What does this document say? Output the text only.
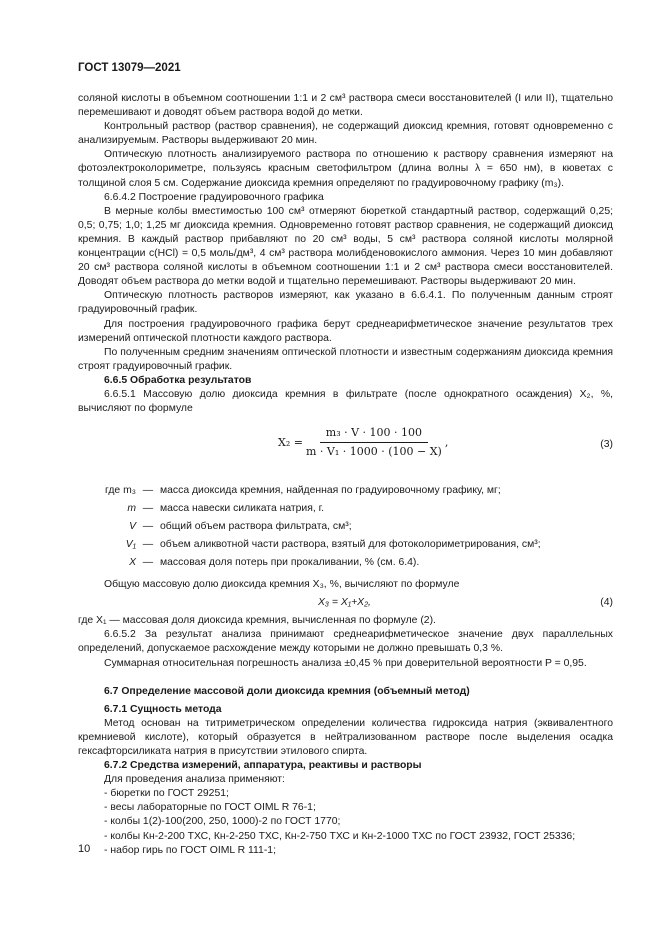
ГОСТ 13079—2021

соляной кислоты в объемном соотношении 1:1 и 2 см³ раствора смеси восстановителей (I или II), тщательно перемешивают и доводят объем раствора водой до метки.

Контрольный раствор (раствор сравнения), не содержащий диоксид кремния, готовят одновременно с анализируемым. Растворы выдерживают 20 мин.

Оптическую плотность анализируемого раствора по отношению к раствору сравнения измеряют на фотоэлектроколориметре, пользуясь красным светофильтром (длина волны λ = 650 нм), в кюветах с толщиной слоя 5 см. Содержание диоксида кремния определяют по градуировочному графику (m₃).

6.6.4.2 Построение градуировочного графика

В мерные колбы вместимостью 100 см³ отмеряют бюреткой стандартный раствор, содержащий 0,25; 0,5; 0,75; 1,0; 1,25 мг диоксида кремния. Одновременно готовят раствор сравнения, не содержащий диоксид кремния. В каждый раствор прибавляют по 20 см³ воды, 5 см³ раствора соляной кислоты молярной концентрации c(HCl) = 0,5 моль/дм³, 4 см³ раствора молибденовокислого аммония. Через 10 мин добавляют 20 см³ раствора соляной кислоты в объемном соотношении 1:1 и 2 см³ раствора смеси восстановителей. Доводят объем раствора до метки водой и тщательно перемешивают. Растворы выдерживают 20 мин.

Оптическую плотность растворов измеряют, как указано в 6.6.4.1. По полученным данным строят градуировочный график.

Для построения градуировочного графика берут среднеарифметическое значение результатов трех измерений оптической плотности каждого раствора.

По полученным средним значениям оптической плотности и известным содержаниям диоксида кремния строят градуировочный график.

6.6.5 Обработка результатов

6.6.5.1 Массовую долю диоксида кремния в фильтрате (после однократного осаждения) X₂, %, вычисляют по формуле

$X_2 = \frac{\text{m₃ · V · 100 · 100}}{\text{m · V₁ · 1000 · (100 − X)}}$ ,	(3)
где m₃ — масса диоксида кремния, найденная по градуировочному графику, мг;
m — масса навески силиката натрия, г.
V — общий объем раствора фильтрата, см³;
V₁ — объем аликвотной части раствора, взятый для фотоколориметрирования, см³;
X — массовая доля потерь при прокаливании, % (см. 6.4).

Общую массовую долю диоксида кремния X₃, %, вычисляют по формуле

X₃ = X₁+X₂,	(4)

где X₁ — массовая доля диоксида кремния, вычисленная по формуле (2).

6.6.5.2 За результат анализа принимают среднеарифметическое значение двух параллельных определений, допускаемое расхождение между которыми не должно превышать 0,3 %.

Суммарная относительная погрешность анализа ±0,45 % при доверительной вероятности P = 0,95.

6.7 Определение массовой доли диоксида кремния (объемный метод)

6.7.1 Сущность метода

Метод основан на титриметрическом определении количества гидроксида натрия (эквивалентного кремниевой кислоте), который образуется в нейтрализованном растворе после выделения осадка гексафторсиликата натрия в присутствии этилового спирта.

6.7.2 Средства измерений, аппаратура, реактивы и растворы

Для проведения анализа применяют:

- бюретки по ГОСТ 29251;

- весы лабораторные по ГОСТ OIML R 76-1;

- колбы 1(2)-100(200, 250, 1000)-2 по ГОСТ 1770;

- колбы Кн-2-200 ТХС, Кн-2-250 ТХС, Кн-2-750 ТХС и Кн-2-1000 ТХС по ГОСТ 23932, ГОСТ 25336;

- набор гирь по ГОСТ OIML R 111-1;

10
